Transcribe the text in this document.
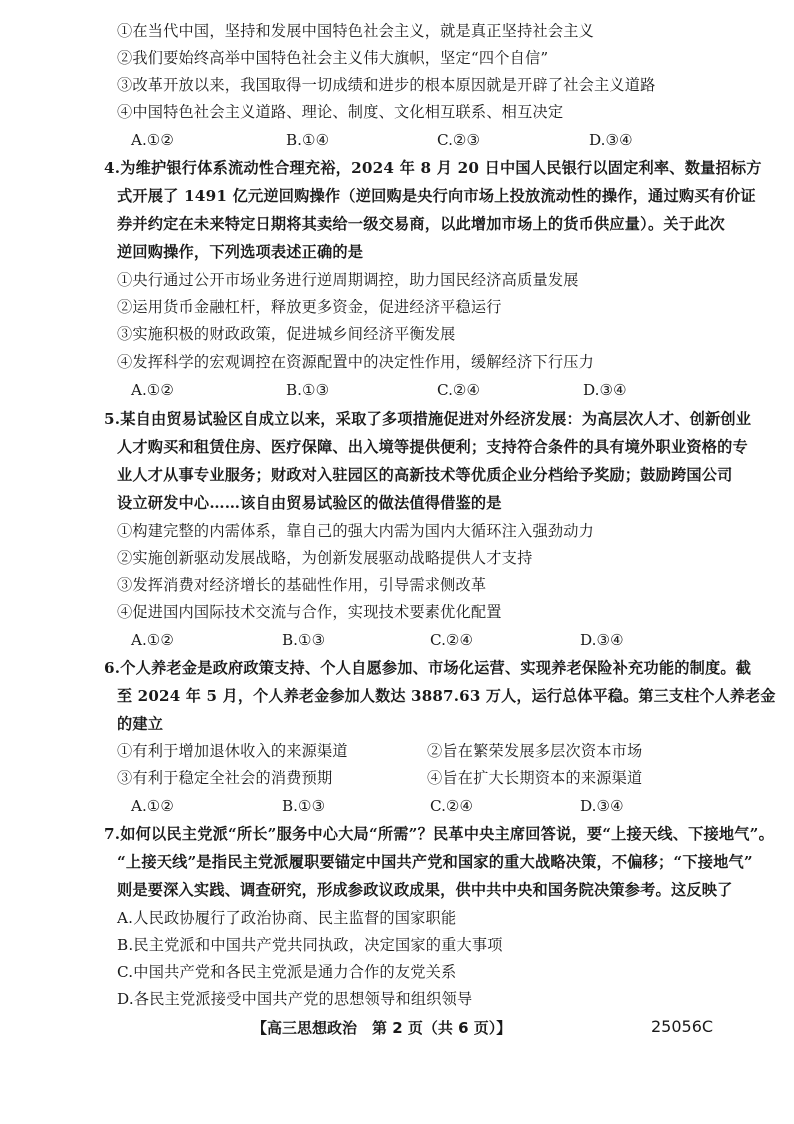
①在当代中国，坚持和发展中国特色社会主义，就是真正坚持社会主义
②我们要始终高举中国特色社会主义伟大旗帜，坚定“四个自信”
③改革开放以来，我国取得一切成绩和进步的根本原因就是开辟了社会主义道路
④中国特色社会主义道路、理论、制度、文化相互联系、相互决定
A.①②	B.①④	C.②③	D.③④
4.为维护银行体系流动性合理充裕，2024 年 8 月 20 日中国人民银行以固定利率、数量招标方
式开展了 1491 亿元逆回购操作（逆回购是央行向市场上投放流动性的操作，通过购买有价证
券并约定在未来特定日期将其卖给一级交易商，以此增加市场上的货币供应量）。关于此次
逆回购操作，下列选项表述正确的是
①央行通过公开市场业务进行逆周期调控，助力国民经济高质量发展
②运用货币金融杠杆，释放更多资金，促进经济平稳运行
③实施积极的财政政策，促进城乡间经济平衡发展
④发挥科学的宏观调控在资源配置中的决定性作用，缓解经济下行压力
A.①②	B.①③	C.②④	D.③④
5.某自由贸易试验区自成立以来，采取了多项措施促进对外经济发展：为高层次人才、创新创业
人才购买和租赁住房、医疗保障、出入境等提供便利；支持符合条件的具有境外职业资格的专
业人才从事专业服务；财政对入驻园区的高新技术等优质企业分档给予奖励；鼓励跨国公司
设立研发中心……该自由贸易试验区的做法值得借鉴的是
①构建完整的内需体系，靠自己的强大内需为国内大循环注入强劲动力
②实施创新驱动发展战略，为创新发展驱动战略提供人才支持
③发挥消费对经济增长的基础性作用，引导需求侧改革
④促进国内国际技术交流与合作，实现技术要素优化配置
A.①②	B.①③	C.②④	D.③④
6.个人养老金是政府政策支持、个人自愿参加、市场化运营、实现养老保险补充功能的制度。截
至 2024 年 5 月，个人养老金参加人数达 3887.63 万人，运行总体平稳。第三支柱个人养老金
的建立
①有利于增加退休收入的来源渠道	②旨在繁荣发展多层次资本市场
③有利于稳定全社会的消费预期	④旨在扩大长期资本的来源渠道
A.①②	B.①③	C.②④	D.③④
7.如何以民主党派“所长”服务中心大局“所需”？民革中央主席回答说，要“上接天线、下接地气”。
“上接天线”是指民主党派履职要锚定中国共产党和国家的重大战略决策，不偏移；“下接地气”
则是要深入实践、调查研究，形成参政议政成果，供中共中央和国务院决策参考。这反映了
A.人民政协履行了政治协商、民主监督的国家职能
B.民主党派和中国共产党共同执政，决定国家的重大事项
C.中国共产党和各民主党派是通力合作的友党关系
D.各民主党派接受中国共产党的思想领导和组织领导
【高三思想政治　第 2 页（共 6 页）】	25056C
